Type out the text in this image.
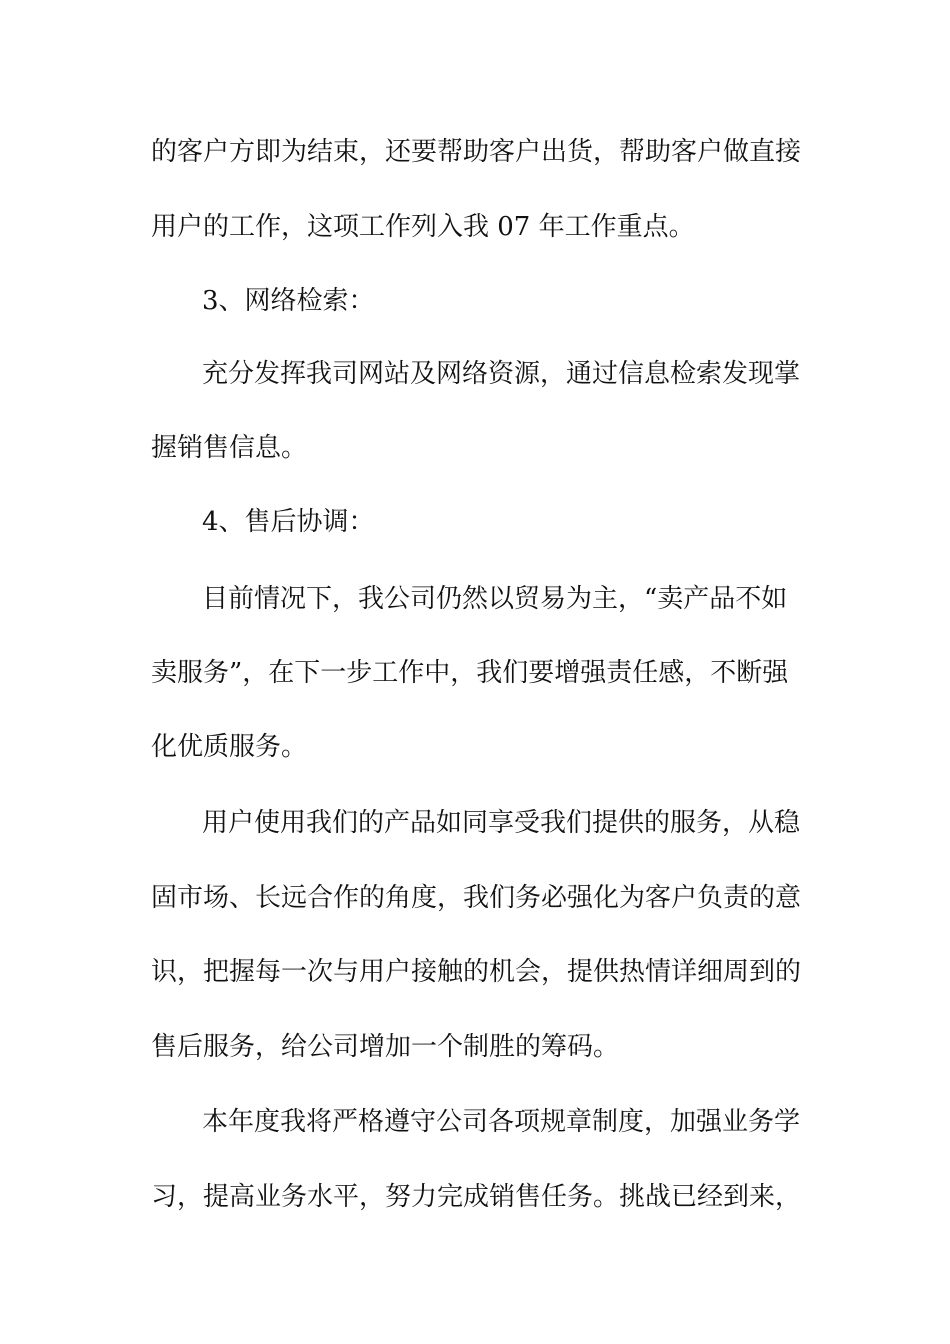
的客户方即为结束，还要帮助客户出货，帮助客户做直接
用户的工作，这项工作列入我 07 年工作重点。
3、网络检索：
充分发挥我司网站及网络资源，通过信息检索发现掌
握销售信息。
4、售后协调：
目前情况下，我公司仍然以贸易为主，“卖产品不如
卖服务”，在下一步工作中，我们要增强责任感，不断强
化优质服务。
用户使用我们的产品如同享受我们提供的服务，从稳
固市场、长远合作的角度，我们务必强化为客户负责的意
识，把握每一次与用户接触的机会，提供热情详细周到的
售后服务，给公司增加一个制胜的筹码。
本年度我将严格遵守公司各项规章制度，加强业务学
习，提高业务水平，努力完成销售任务。挑战已经到来，
